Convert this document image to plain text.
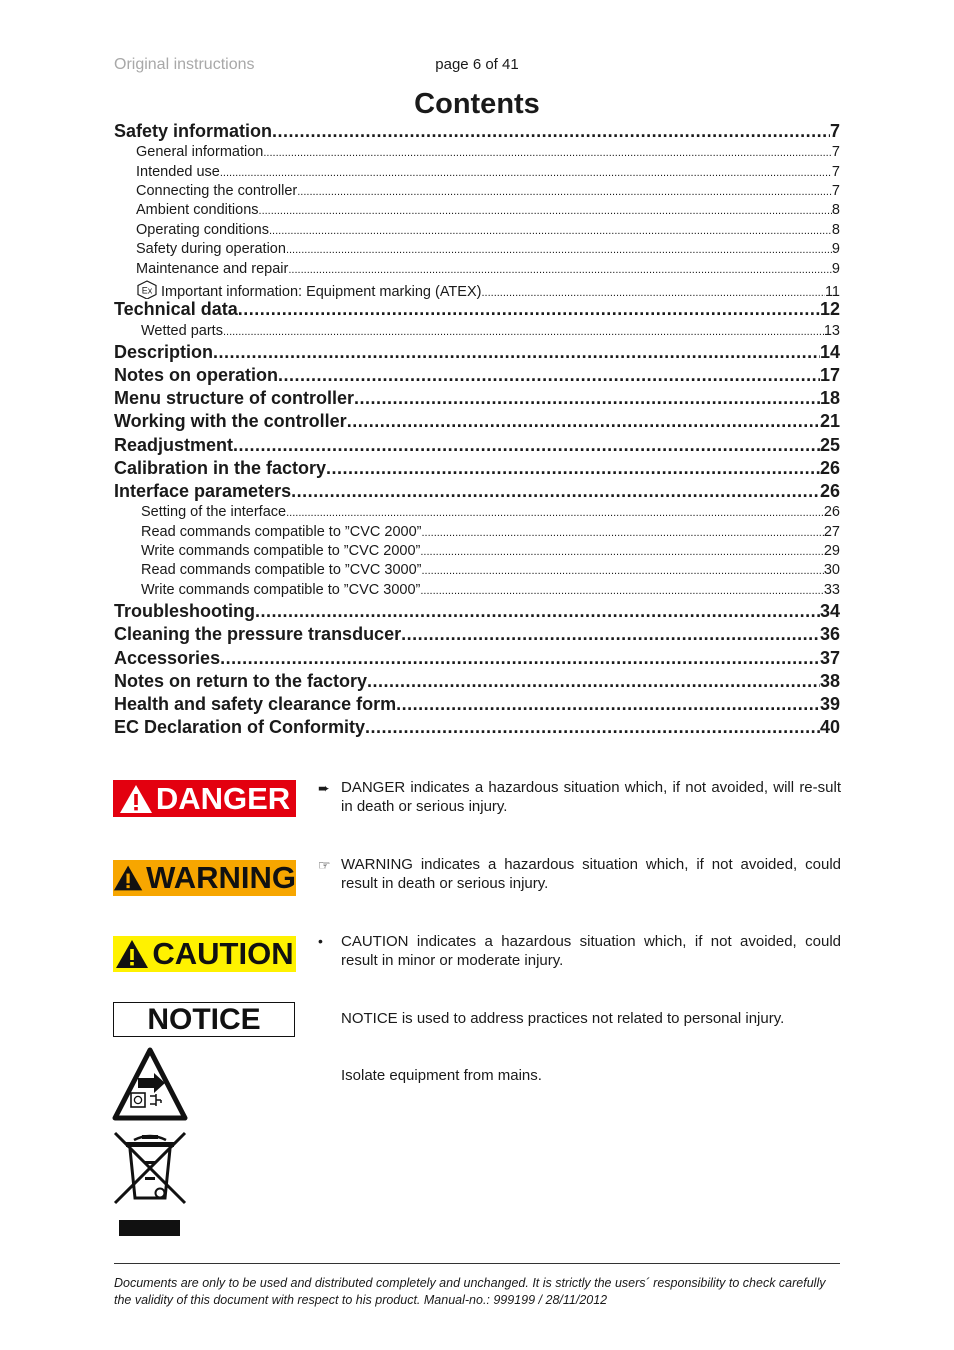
Original instructions	page 6 of 41
Contents
Safety information .....	7
General information .....	7
Intended use .....	7
Connecting the controller .....	7
Ambient conditions .....	8
Operating conditions .....	8
Safety during operation .....	9
Maintenance and repair .....	9
Ex Important information: Equipment marking (ATEX) .....	11
Technical data .....	12
Wetted parts .....	13
Description .....	14
Notes on operation .....	17
Menu structure of controller .....	18
Working with the controller .....	21
Readjustment .....	25
Calibration in the factory .....	26
Interface parameters .....	26
Setting of the interface .....	26
Read commands compatible to ”CVC 2000” .....	27
Write commands compatible to ”CVC 2000” .....	29
Read commands compatible to ”CVC 3000” .....	30
Write commands compatible to ”CVC 3000” .....	33
Troubleshooting .....	34
Cleaning the pressure transducer .....	36
Accessories .....	37
Notes on return to the factory .....	38
Health and safety clearance form .....	39
EC Declaration of Conformity .....	40
DANGER ➨ DANGER indicates a hazardous situation which, if not avoided, will re-sult in death or serious injury.
WARNING ☞ WARNING indicates a hazardous situation which, if not avoided, could result in death or serious injury.
CAUTION • CAUTION indicates a hazardous situation which, if not avoided, could result in minor or moderate injury.
NOTICE	NOTICE is used to address practices not related to personal injury.
Isolate equipment from mains.
Documents are only to be used and distributed completely and unchanged. It is strictly the users´ responsibility to check carefully the validity of this document with respect to his product. Manual-no.: 999199 / 28/11/2012
